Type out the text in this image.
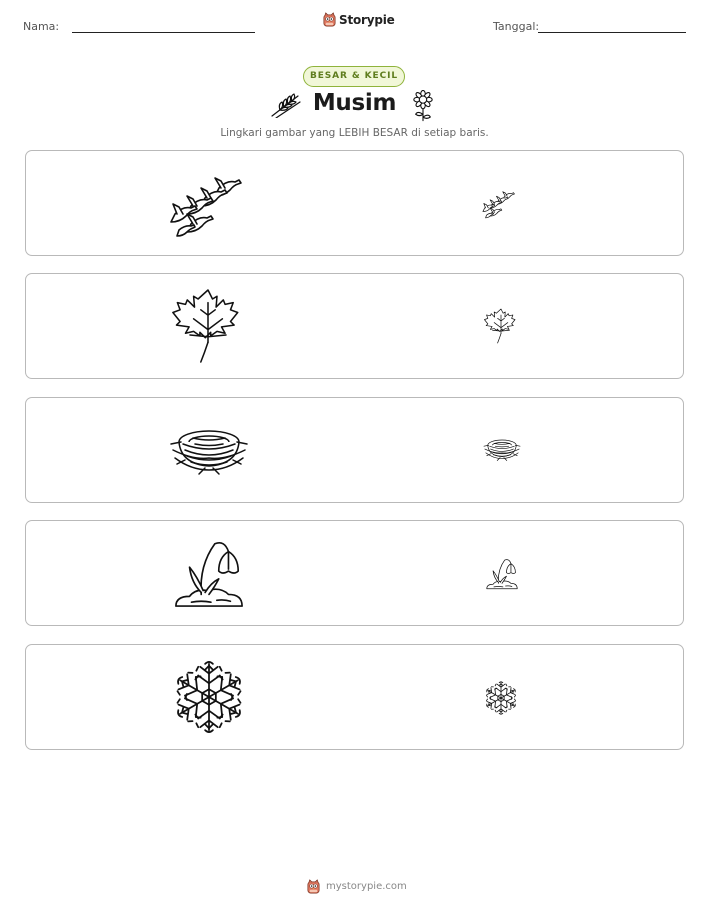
Nama:	Storypie	Tanggal:
BESAR & KECIL
Musim
Lingkari gambar yang LEBIH BESAR di setiap baris.
mystorypie.com
